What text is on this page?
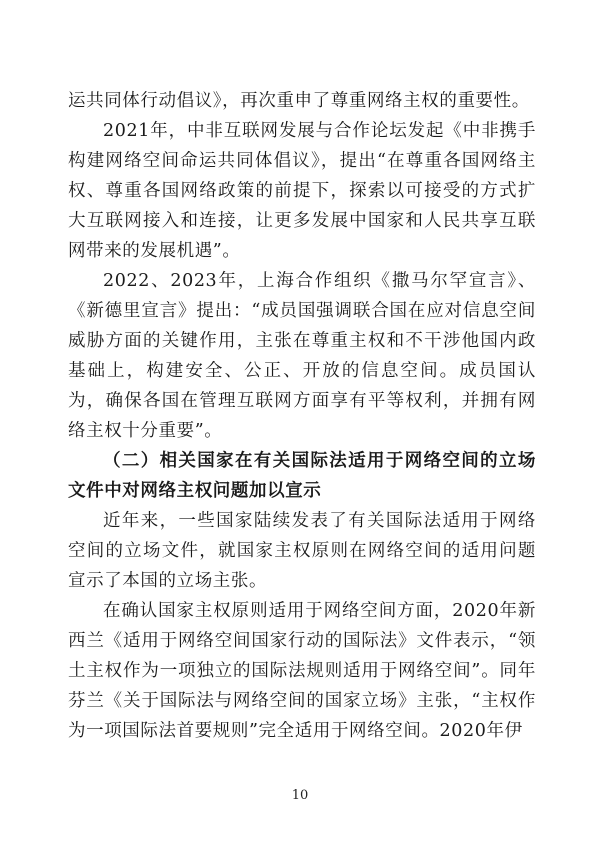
运共同体行动倡议》，再次重申了尊重网络主权的重要性。

2021年，中非互联网发展与合作论坛发起《中非携手构建网络空间命运共同体倡议》，提出“在尊重各国网络主权、尊重各国网络政策的前提下，探索以可接受的方式扩大互联网接入和连接，让更多发展中国家和人民共享互联网带来的发展机遇”。

2022、2023年，上海合作组织《撒马尔罕宣言》、《新德里宣言》提出：“成员国强调联合国在应对信息空间威胁方面的关键作用，主张在尊重主权和不干涉他国内政基础上，构建安全、公正、开放的信息空间。成员国认为，确保各国在管理互联网方面享有平等权利，并拥有网络主权十分重要”。

（二）相关国家在有关国际法适用于网络空间的立场文件中对网络主权问题加以宣示

近年来，一些国家陆续发表了有关国际法适用于网络空间的立场文件，就国家主权原则在网络空间的适用问题宣示了本国的立场主张。

在确认国家主权原则适用于网络空间方面，2020年新西兰《适用于网络空间国家行动的国际法》文件表示，“领土主权作为一项独立的国际法规则适用于网络空间”。同年芬兰《关于国际法与网络空间的国家立场》主张，“主权作为一项国际法首要规则”完全适用于网络空间。2020年伊

10
